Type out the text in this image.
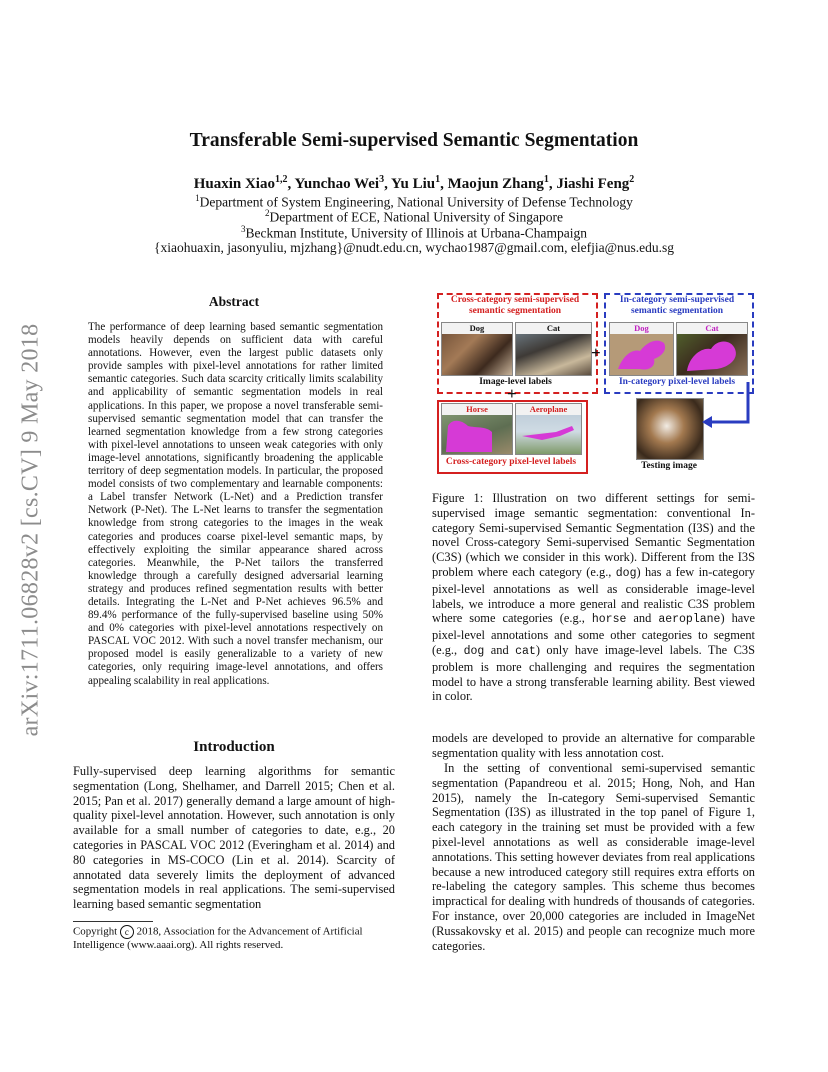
arXiv:1711.06828v2 [cs.CV] 9 May 2018
Transferable Semi-supervised Semantic Segmentation
Huaxin Xiao$^{1,2}$, Yunchao Wei$^3$, Yu Liu$^1$, Maojun Zhang$^1$, Jiashi Feng$^2$
$^1$Department of System Engineering, National University of Defense Technology
$^2$Department of ECE, National University of Singapore
$^3$Beckman Institute, University of Illinois at Urbana-Champaign
{xiaohuaxin, jasonyuliu, mjzhang}@nudt.edu.cn, wychao1987@gmail.com, elefjia@nus.edu.sg
Abstract

The performance of deep learning based semantic segmentation models heavily depends on sufficient data with careful annotations. However, even the largest public datasets only provide samples with pixel-level annotations for rather limited semantic categories. Such data scarcity critically limits scalability and applicability of semantic segmentation models in real applications. In this paper, we propose a novel transferable semi-supervised semantic segmentation model that can transfer the learned segmentation knowledge from a few strong categories with pixel-level annotations to unseen weak categories with only image-level annotations, significantly broadening the applicable territory of deep segmentation models. In particular, the proposed model consists of two complementary and learnable components: a Label transfer Network (L-Net) and a Prediction transfer Network (P-Net). The L-Net learns to transfer the segmentation knowledge from strong categories to the images in the weak categories and produces coarse pixel-level semantic maps, by effectively exploiting the similar appearance shared across categories. Meanwhile, the P-Net tailors the transferred knowledge through a carefully designed adversarial learning strategy and produces refined segmentation results with better details. Integrating the L-Net and P-Net achieves 96.5% and 89.4% performance of the fully-supervised baseline using 50% and 0% categories with pixel-level annotations respectively on PASCAL VOC 2012. With such a novel transfer mechanism, our proposed model is easily generalizable to a variety of new categories, only requiring image-level annotations, and offers appealing scalability in real applications.

Introduction

Fully-supervised deep learning algorithms for semantic segmentation (Long, Shelhamer, and Darrell 2015; Chen et al. 2015; Pan et al. 2017) generally demand a large amount of high-quality pixel-level annotation. However, such annotation is only available for a small number of categories to date, e.g., 20 categories in PASCAL VOC 2012 (Everingham et al. 2014) and 80 categories in MS-COCO (Lin et al. 2014). Scarcity of annotated data severely limits the deployment of advanced segmentation models in real applications. The semi-supervised learning based semantic segmentation

Copyright c 2018, Association for the Advancement of Artificial Intelligence (www.aaai.org). All rights reserved.

Cross-category semi-supervised semantic segmentation
In-category semi-supervised semantic segmentation
Dog	Cat
Image-level labels
+
Dog	Cat
In-category pixel-level labels
+
Horse	Aeroplane
Cross-category pixel-level labels	Testing image

Figure 1: Illustration on two different settings for semi-supervised image semantic segmentation: conventional In-category Semi-supervised Semantic Segmentation (I3S) and the novel Cross-category Semi-supervised Semantic Segmentation (C3S) (which we consider in this work). Different from the I3S problem where each category (e.g., dog) has a few in-category pixel-level annotations as well as considerable image-level labels, we introduce a more general and realistic C3S problem where some categories (e.g., horse and aeroplane) have pixel-level annotations and some other categories to segment (e.g., dog and cat) only have image-level labels. The C3S problem is more challenging and requires the segmentation model to have a strong transferable learning ability. Best viewed in color.

models are developed to provide an alternative for comparable segmentation quality with less annotation cost.

In the setting of conventional semi-supervised semantic segmentation (Papandreou et al. 2015; Hong, Noh, and Han 2015), namely the In-category Semi-supervised Semantic Segmentation (I3S) as illustrated in the top panel of Figure 1, each category in the training set must be provided with a few pixel-level annotations as well as considerable image-level annotations. This setting however deviates from real applications because a new introduced category still requires extra efforts on re-labeling the category samples. This scheme thus becomes impractical for dealing with hundreds of thousands of categories. For instance, over 20,000 categories are included in ImageNet (Russakovsky et al. 2015) and people can recognize much more categories.
